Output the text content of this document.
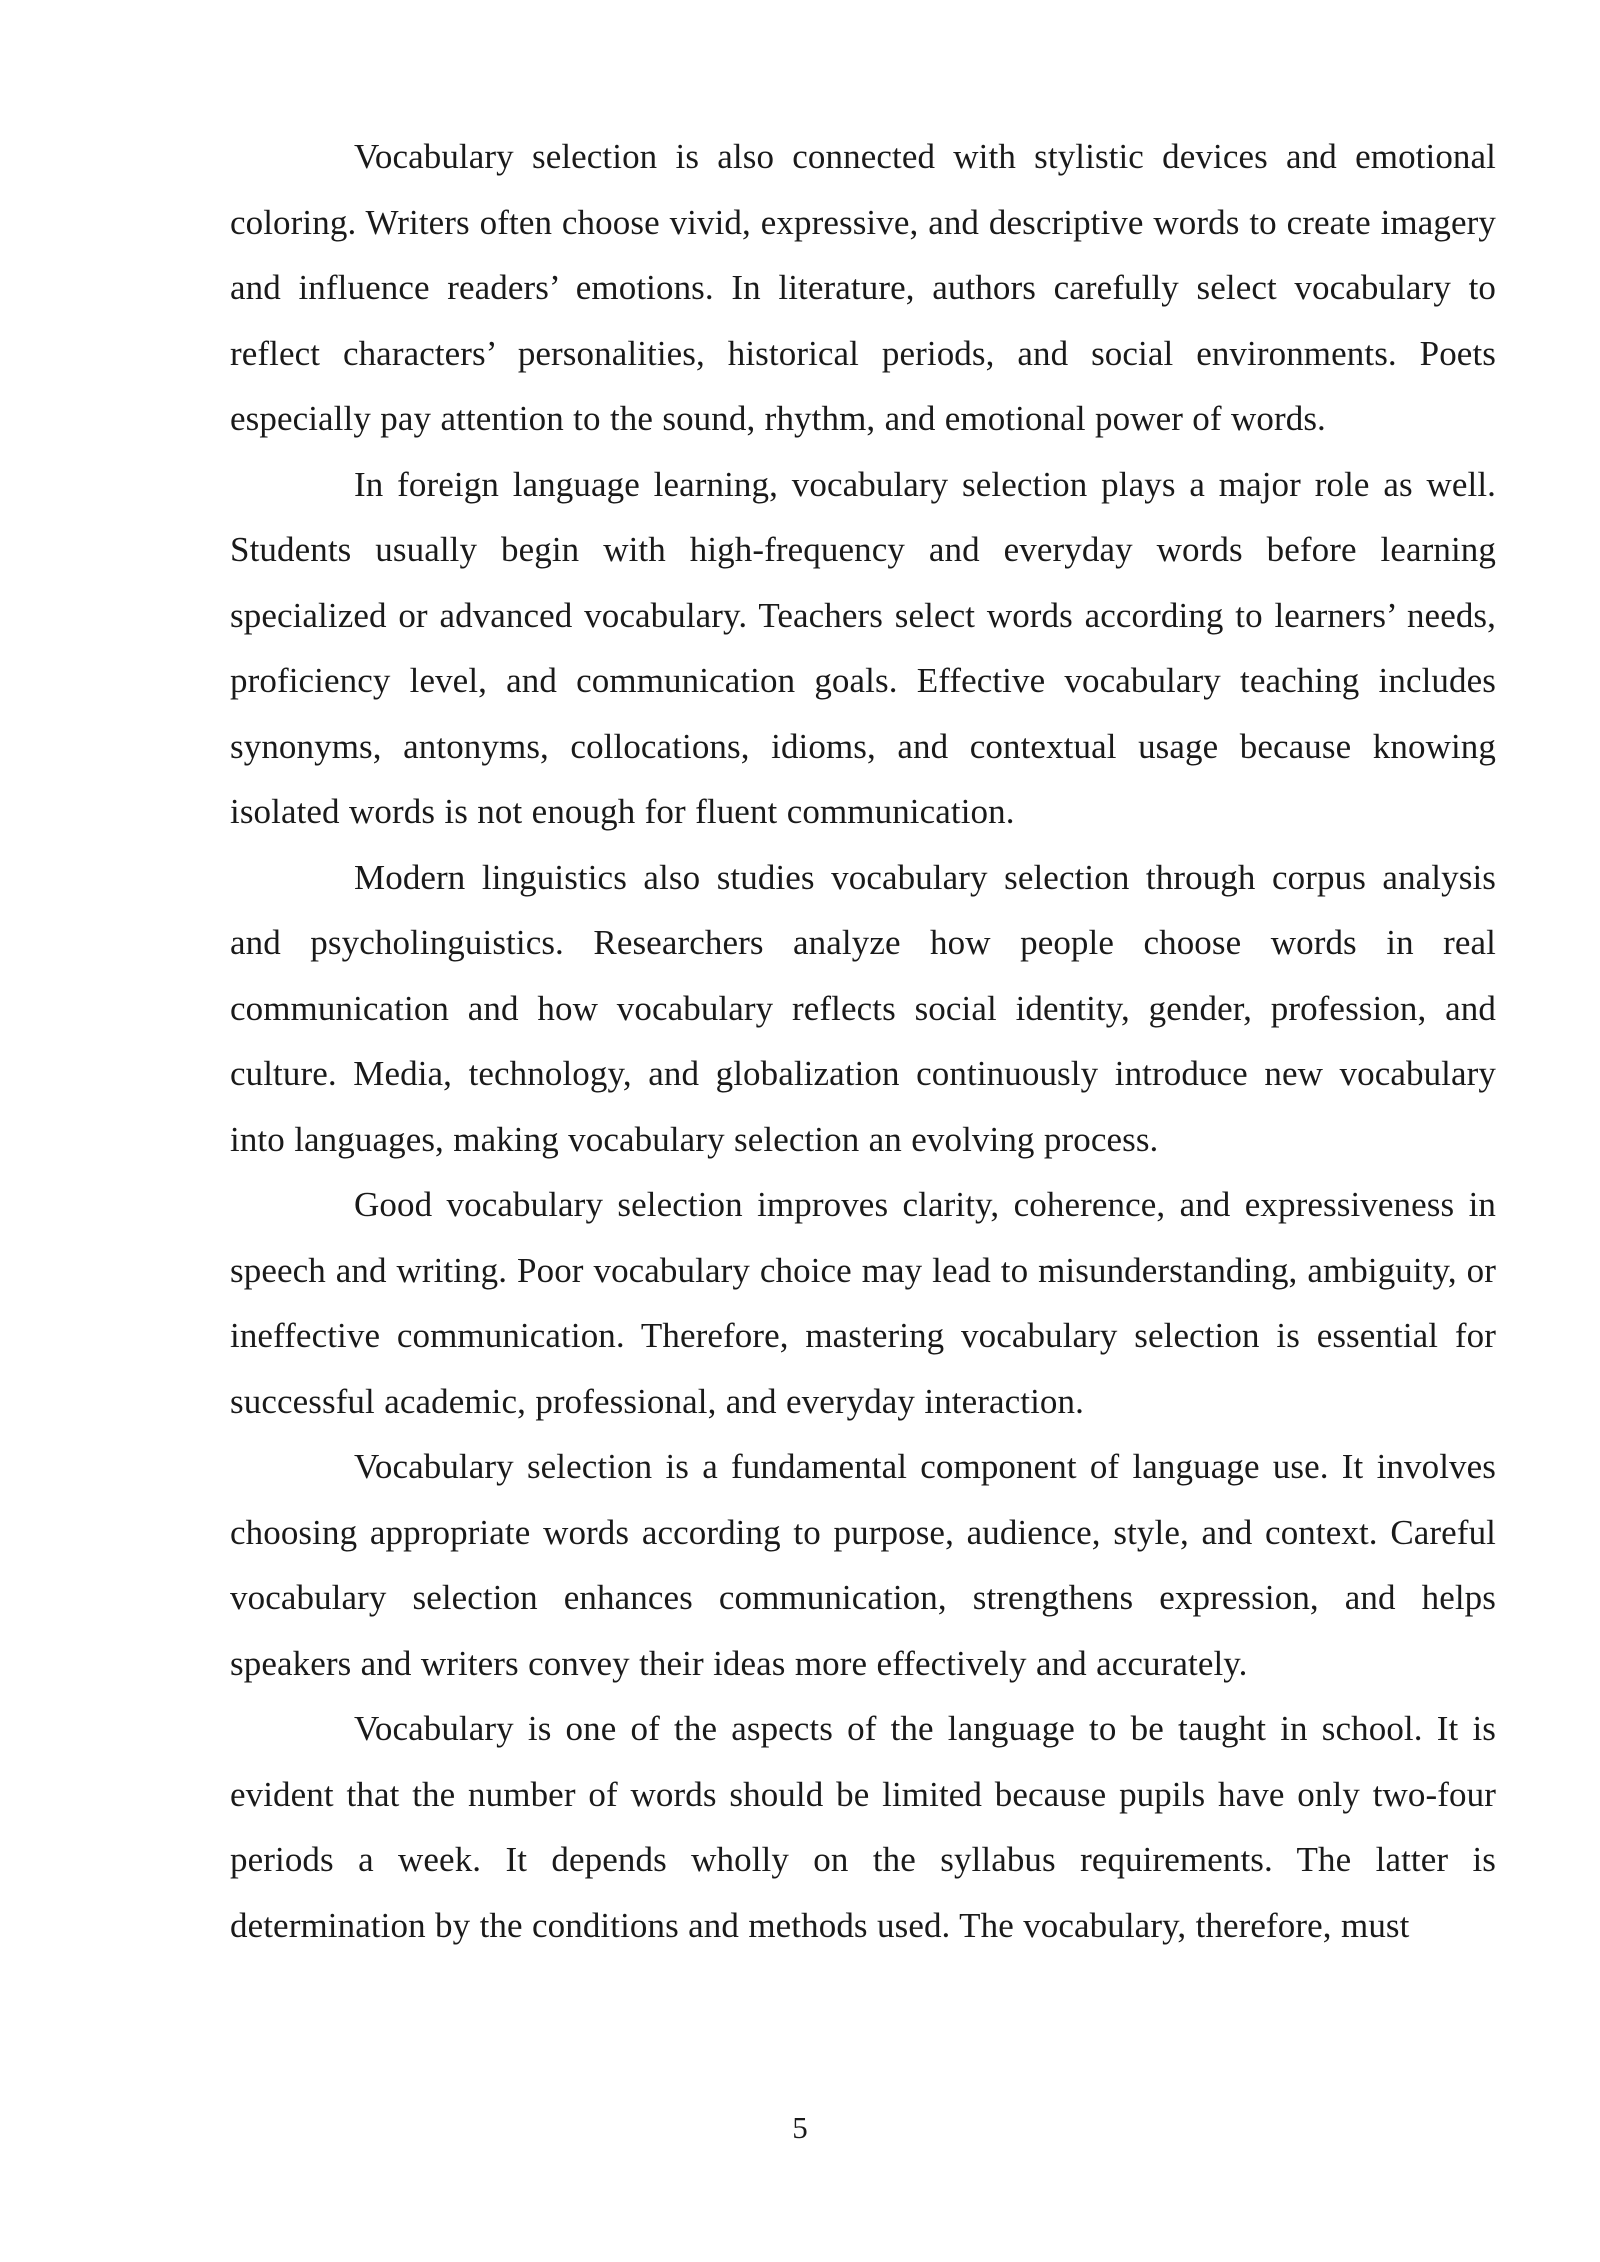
Vocabulary selection is also connected with stylistic devices and emotional coloring. Writers often choose vivid, expressive, and descriptive words to create imagery and influence readers’ emotions. In literature, authors carefully select vocabulary to reflect characters’ personalities, historical periods, and social environments. Poets especially pay attention to the sound, rhythm, and emotional power of words.

In foreign language learning, vocabulary selection plays a major role as well. Students usually begin with high-frequency and everyday words before learning specialized or advanced vocabulary. Teachers select words according to learners’ needs, proficiency level, and communication goals. Effective vocabulary teaching includes synonyms, antonyms, collocations, idioms, and contextual usage because knowing isolated words is not enough for fluent communication.

Modern linguistics also studies vocabulary selection through corpus analysis and psycholinguistics. Researchers analyze how people choose words in real communication and how vocabulary reflects social identity, gender, profession, and culture. Media, technology, and globalization continuously introduce new vocabulary into languages, making vocabulary selection an evolving process.

Good vocabulary selection improves clarity, coherence, and expressiveness in speech and writing. Poor vocabulary choice may lead to misunderstanding, ambiguity, or ineffective communication. Therefore, mastering vocabulary selection is essential for successful academic, professional, and everyday interaction.

Vocabulary selection is a fundamental component of language use. It involves choosing appropriate words according to purpose, audience, style, and context. Careful vocabulary selection enhances communication, strengthens expression, and helps speakers and writers convey their ideas more effectively and accurately.

Vocabulary is one of the aspects of the language to be taught in school. It is evident that the number of words should be limited because pupils have only two-four periods a week. It depends wholly on the syllabus requirements. The latter is determination by the conditions and methods used. The vocabulary, therefore, must

5
